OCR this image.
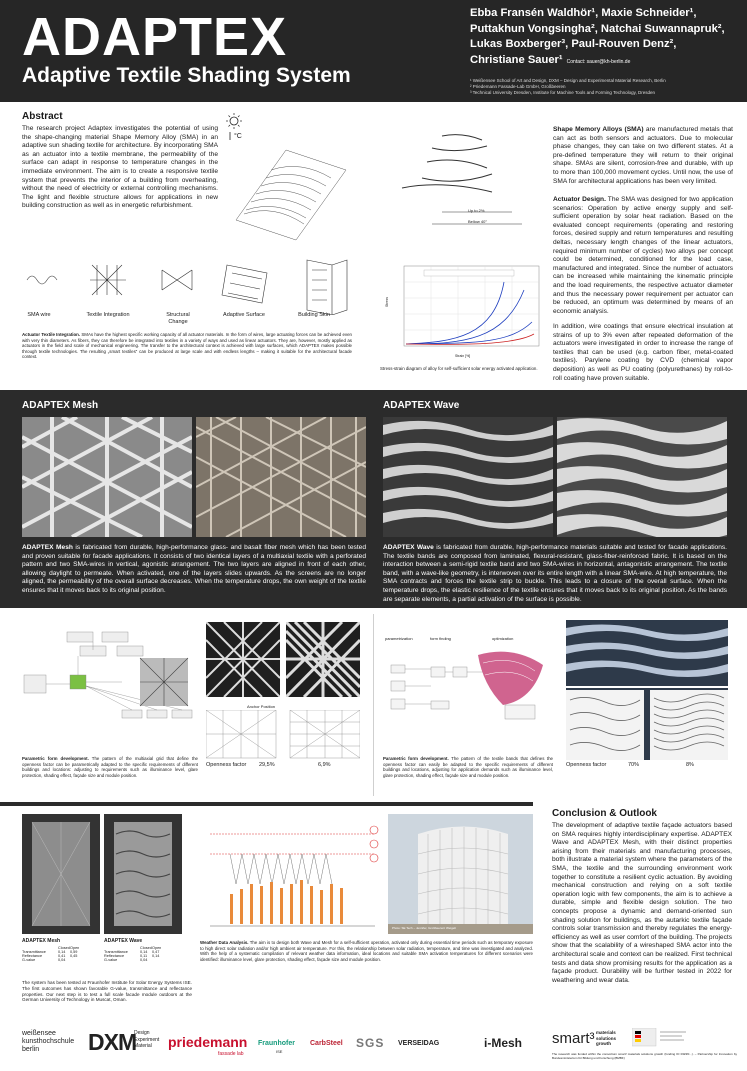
ADAPTEX
Adaptive Textile Shading System
Ebba Fransén Waldhör¹, Maxie Schneider¹,
Puttakhun Vongsingha², Natchai Suwannapruk²,
Lukas Boxberger³, Paul-Rouven Denz²,
Christiane Sauer¹ Contact: sauer@kh-berlin.de
¹ Weißensee School of Art and Design, DXM – Design and Experimental Material Research, Berlin
² Priedemann Fassade-Lab GmbH, Großbeeren
³ Technical University Dresden, Institute for Machine Tools and Forming Technology, Dresden
Abstract
The research project Adaptex investigates the potential of using the shape-changing material Shape Memory Alloy (SMA) in an adaptive sun shading textile for architecture. By incorporating SMA as an actuator into a textile membrane, the permeability of the surface can adapt in response to temperature changes in the immediate environment. The aim is to create a responsive textile system that prevents the interior of a building from overheating, without the need of electricity or external controlling mechanisms. The light and flexible structure allows for applications in new building construction as well as in energetic refurbishment.
°C
SMA wire	Textile Integration	Structural Change
Adaptive Surface	Building Skin
Actuator Textile Integration. SMAs have the highest specific working capacity of all actuator materials. In the form of wires, large actuating forces can be achieved even with very thin diameters. As fibers, they can therefore be integrated into textiles in a variety of ways and used as linear actuators. They are, however, mostly applied as actuators in the field and scale of mechanical engineering. The transfer to the architectural context is achieved with large surfaces, which ADAPTEX makes possible through textile technologies. The resulting „smart textiles“ can be produced at large scale and with endless lengths – making it suitable for the architectural facade context.
Up to 2%
Bellow 40°
Strain [%]
Stress
Stress-strain diagram of alloy for self-sufficient solar energy activated application.
Shape Memory Alloys (SMA) are manufactured metals that can act as both sensors and actuators. Due to molecular phase changes, they can take on two different states. At a pre-defined temperature they will return to their original shape. SMAs are silent, corrosion-free and durable, with up to more than 100,000 movement cycles. Until now, the use of SMA for architectural applications has been very limited.
Actuator Design. The SMA was designed for two application scenarios: Operation by active energy supply and self-sufficient operation by solar heat radiation. Based on the evaluated concept requirements (operating and restoring forces, desired supply and return temperatures and resulting deltas, necessary length changes of the linear actuators, required minimum number of cycles) two alloys per concept could be determined, conditioned for the load case, manufactured and integrated. Since the number of actuators can be increased while maintaining the kinematic principle and the load requirements, the respective actuator diameter and thus the necessary power requirement per actuator can be reduced, an optimum was determined by means of an economic analysis.
In addition, wire coatings that ensure electrical insulation at strains of up to 3% even after repeated deformation of the actuators were investigated in order to increase the range of textiles that can be used (e.g. carbon fiber, metal-coated textiles). Parylene coating by CVD (chemical vapor deposition) as well as PU coating (polyurethanes) by roll-to-roll coating have proven suitable.
ADAPTEX Mesh	ADAPTEX Wave
ADAPTEX Mesh is fabricated from durable, high-performance glass- and basalt fiber mesh which has been tested and proven suitable for facade applications. It consists of two identical layers of a multiaxial textile with a perforated pattern and two SMA-wires in vertical, agonistic arrangement. The two layers are aligned in front of each other, allowing daylight to permeate. When activated, one of the layers slides upwards. As the screens are no longer aligned, the permeability of the overall surface decreases. When the temperature drops, the own weight of the textile ensures that it moves back to its original position.
ADAPTEX Wave is fabricated from durable, high-performance materials suitable and tested for facade applications. The textile bands are composed from laminated, flexural-resistant, glass-fiber-reinforced fabric. It is based on the interaction between a semi-rigid textile band and two SMA-wires in horizontal, antagonistic arrangement. The textile band, with a wave-like geometry, is interwoven over its entire length with a linear SMA-wire. At high temperature, the SMA contracts and forces the textile strip to buckle. This leads to a closure of the overall surface. When the temperature drops, the elastic resilience of the textile ensures that it moves back to its original position. As the bands are separate elements, a partial activation of the surface is possible.
Anchor Position
Openness factor 29,5%	6,9%
Parametric form development. The pattern of the multiaxial grid that define the openness factor can be parametrically adapted to the specific requirements of different buildings and locations: adjusting to requirements such as illuminance level, glare protection, shading effect, façade size and module position.
parametrization	form finding	optimization
Openness factor	70%	8%
Parametric form development. The pattern of the textile bands that defines the openness factor can easily be adapted to the specific requirements of different buildings and locations, adjusting for application demands such as illuminance level, glare protection, shading effect, façade size and module position.
ADAPTEX Mesh	ADAPTEX Wave
	Closed	Open
Transmittance	0,14	0,59
Reflectance	0,41	0,45
G-value	0,04	
	Closed	Open
Transmittance	0,14	0,47
Reflectance	0,11	0,14
G-value	0,04	
The system has been tested at Fraunhofer Institute for Solar Energy Systems ISE. The first outcomes has shown favorable G-value, transmittance and reflectance properties. Our next step is to test a full scale facade module outdoors at the German University of Technology in Muscat, Oman.
Photo: SE Tech – Jennifer, Großbeeren/ Weigelt
Weather Data Analysis. The aim is to design both Wave and Mesh for a self-sufficient operation, activated only during essential time periods such as temporary exposure to high direct solar radiation and/or high ambient air temperature. For this, the relationship between solar radiation, temperature, and time was investigated and analyzed. With the help of a systematic compilation of relevant weather data information, ideal locations and suitable SMA activation temperatures for different scenarios were identified: illuminance level, glare protection, shading effect, façade size and module position.
Conclusion & Outlook
The development of adaptive textile façade actuators based on SMA requires highly interdisciplinary expertise. ADAPTEX Wave and ADAPTEX Mesh, with their distinct properties arising from their materials and manufacturing processes, both illustrate a material system where the parameters of the SMA, the textile and the surrounding environment work together to constitute a resilient cyclic actuation. By avoiding mechanical construction and relying on a soft textile operation logic with few components, the aim is to achieve a durable, simple and flexible design solution. The two concepts propose a dynamic and demand-oriented sun shading solution for buildings, as the autarkic textile façade controls solar transmission and thereby regulates the energy-efficiency as well as user comfort of the building. The projects show that the scalability of a wireshaped SMA actor into the architectural scale and context can be realized. First technical tests and data show promising results for the application as a façade product. Durability will be further tested in 2022 for weathering and wear data.
weißensee
kunsthochschule
berlin	DXM
Design
Experiment
Material	priedemann
fassade lab
Fraunhofer
ISE
CarbSteel SGS VERSEIDAG	i-Mesh smart³ materials
solutions
growth
The research was funded within the consortium smart³ materials solutions growth (funding ID 03ZZ0...). – Partnership for Innovation by Bundesministerium für Bildung und Forschung (BMBF)
